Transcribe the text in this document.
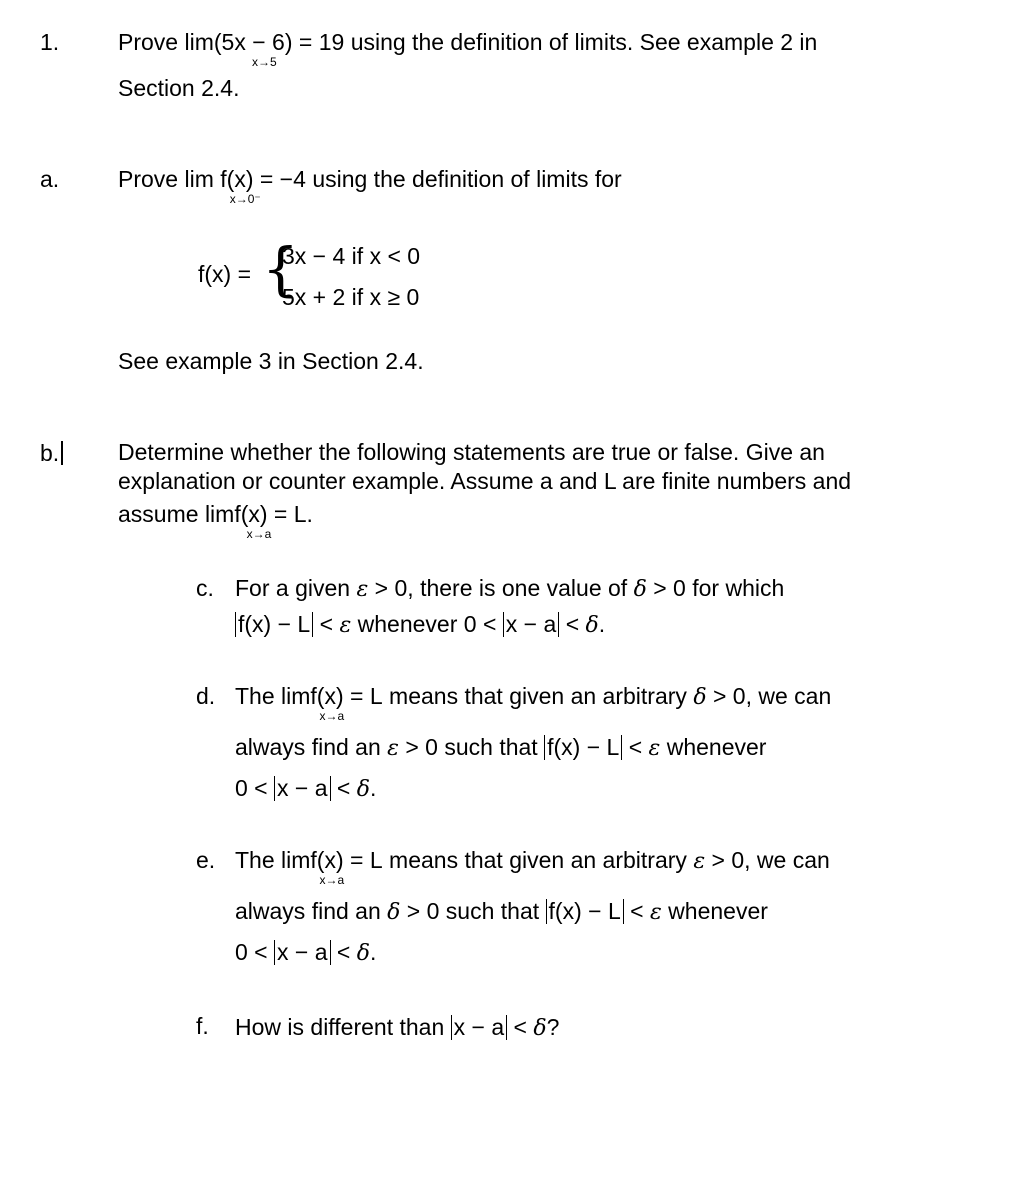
1.	Prove lim(5x − 6) = 19
x→5
using the definition of limits. See example 2 in
Section 2.4.
a.	Prove lim f(x) = −4
x→0⁻
using the definition of limits for
f(x) = {
3x − 4 if x < 0
5x + 2 if x ≥ 0
See example 3 in Section 2.4.
b.	Determine whether the following statements are true or false. Give an
explanation or counter example. Assume a and L are finite numbers and
assume limf(x) = L.
x→a
c. For a given ε > 0, there is one value of δ > 0 for which
f(x) − L < ε whenever 0 < x − a < δ.
d. The limf(x) = L
x→a
means that given an arbitrary δ > 0, we can
always find an ε > 0 such that f(x) − L < ε whenever
0 < x − a < δ.
e. The limf(x) = L
x→a
means that given an arbitrary ε > 0, we can
always find an δ > 0 such that f(x) − L < ε whenever
0 < x − a < δ.
f. How is different than x − a < δ?
